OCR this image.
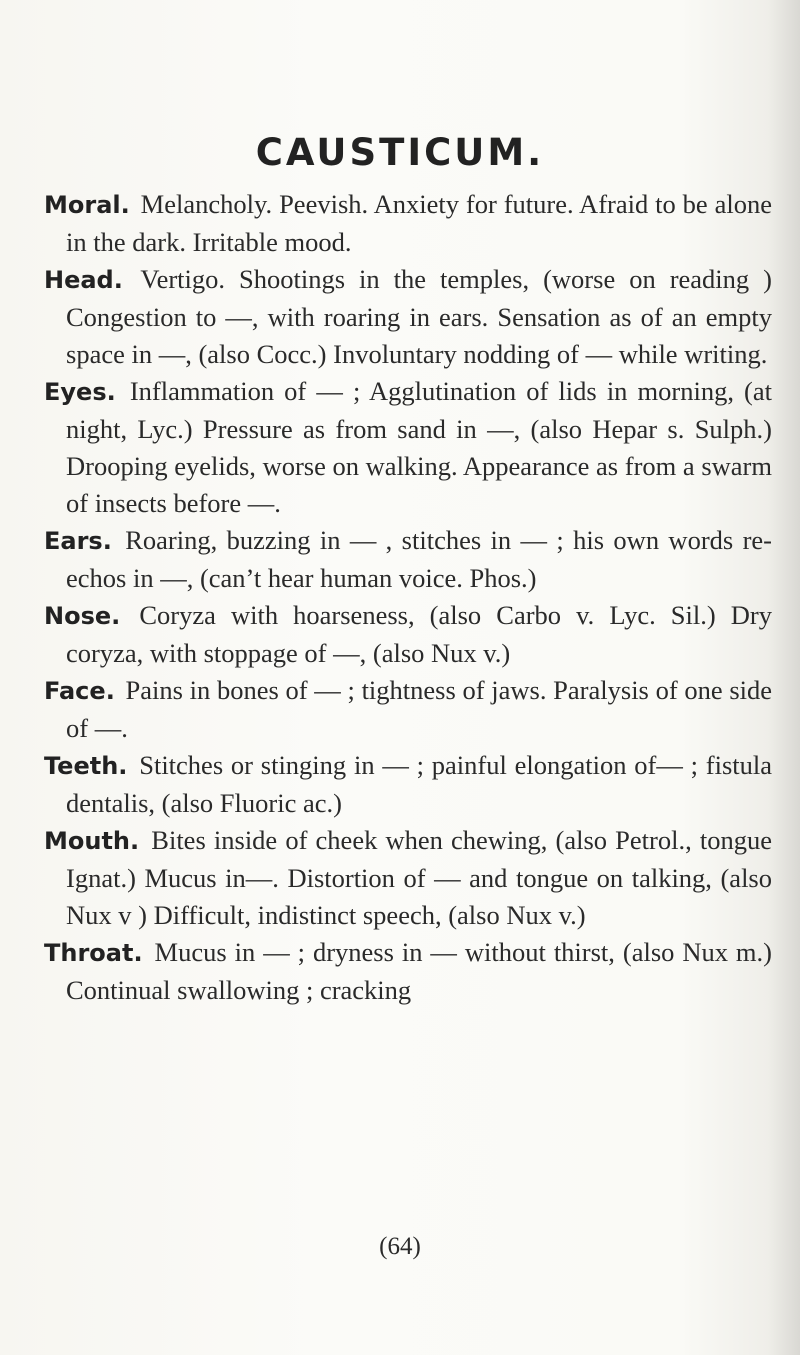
CAUSTICUM.

Moral. Melancholy. Peevish. Anxiety for future. Afraid to be alone in the dark. Irritable mood.

Head. Vertigo. Shootings in the temples, (worse on reading ) Congestion to —, with roaring in ears. Sensation as of an empty space in —, (also Cocc.) Involuntary nodding of — while writing.

Eyes. Inflammation of — ; Agglutination of lids in morning, (at night, Lyc.) Pressure as from sand in —, (also Hepar s. Sulph.) Drooping eyelids, worse on walking. Appearance as from a swarm of insects before —.

Ears. Roaring, buzzing in — , stitches in — ; his own words re-echos in —, (can’t hear human voice. Phos.)

Nose. Coryza with hoarseness, (also Carbo v. Lyc. Sil.) Dry coryza, with stoppage of —, (also Nux v.)

Face. Pains in bones of — ; tightness of jaws. Paralysis of one side of —.

Teeth. Stitches or stinging in — ; painful elongation of— ; fistula dentalis, (also Fluoric ac.)

Mouth. Bites inside of cheek when chewing, (also Petrol., tongue Ignat.) Mucus in—. Distortion of — and tongue on talking, (also Nux v ) Difficult, indistinct speech, (also Nux v.)

Throat. Mucus in — ; dryness in — without thirst, (also Nux m.) Continual swallowing ; cracking

(64)
